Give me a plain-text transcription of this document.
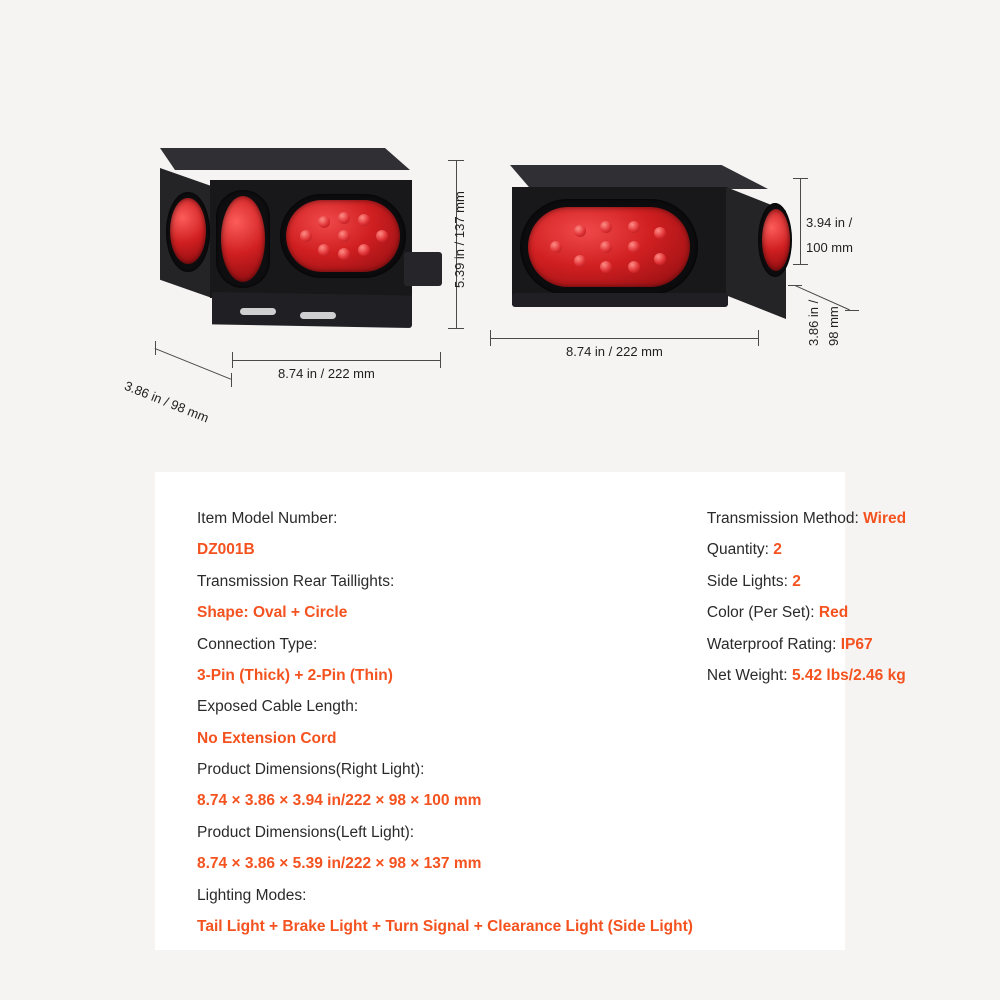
5.39 in / 137 mm
8.74 in / 222 mm
3.86 in / 98 mm
3.94 in /
100 mm
8.74 in / 222 mm
3.86 in / 98 mm
Item Model Number:
DZ001B
Transmission Rear Taillights:
Shape: Oval + Circle
Connection Type:
3-Pin (Thick) + 2-Pin (Thin)
Exposed Cable Length:
No Extension Cord
Product Dimensions(Right Light):
8.74 × 3.86 × 3.94 in/222 × 98 × 100 mm
Product Dimensions(Left Light):
8.74 × 3.86 × 5.39 in/222 × 98 × 137 mm
Lighting Modes:
Tail Light + Brake Light + Turn Signal + Clearance Light (Side Light)
Transmission Method: Wired
Quantity: 2
Side Lights: 2
Color (Per Set): Red
Waterproof Rating: IP67
Net Weight: 5.42 lbs/2.46 kg
